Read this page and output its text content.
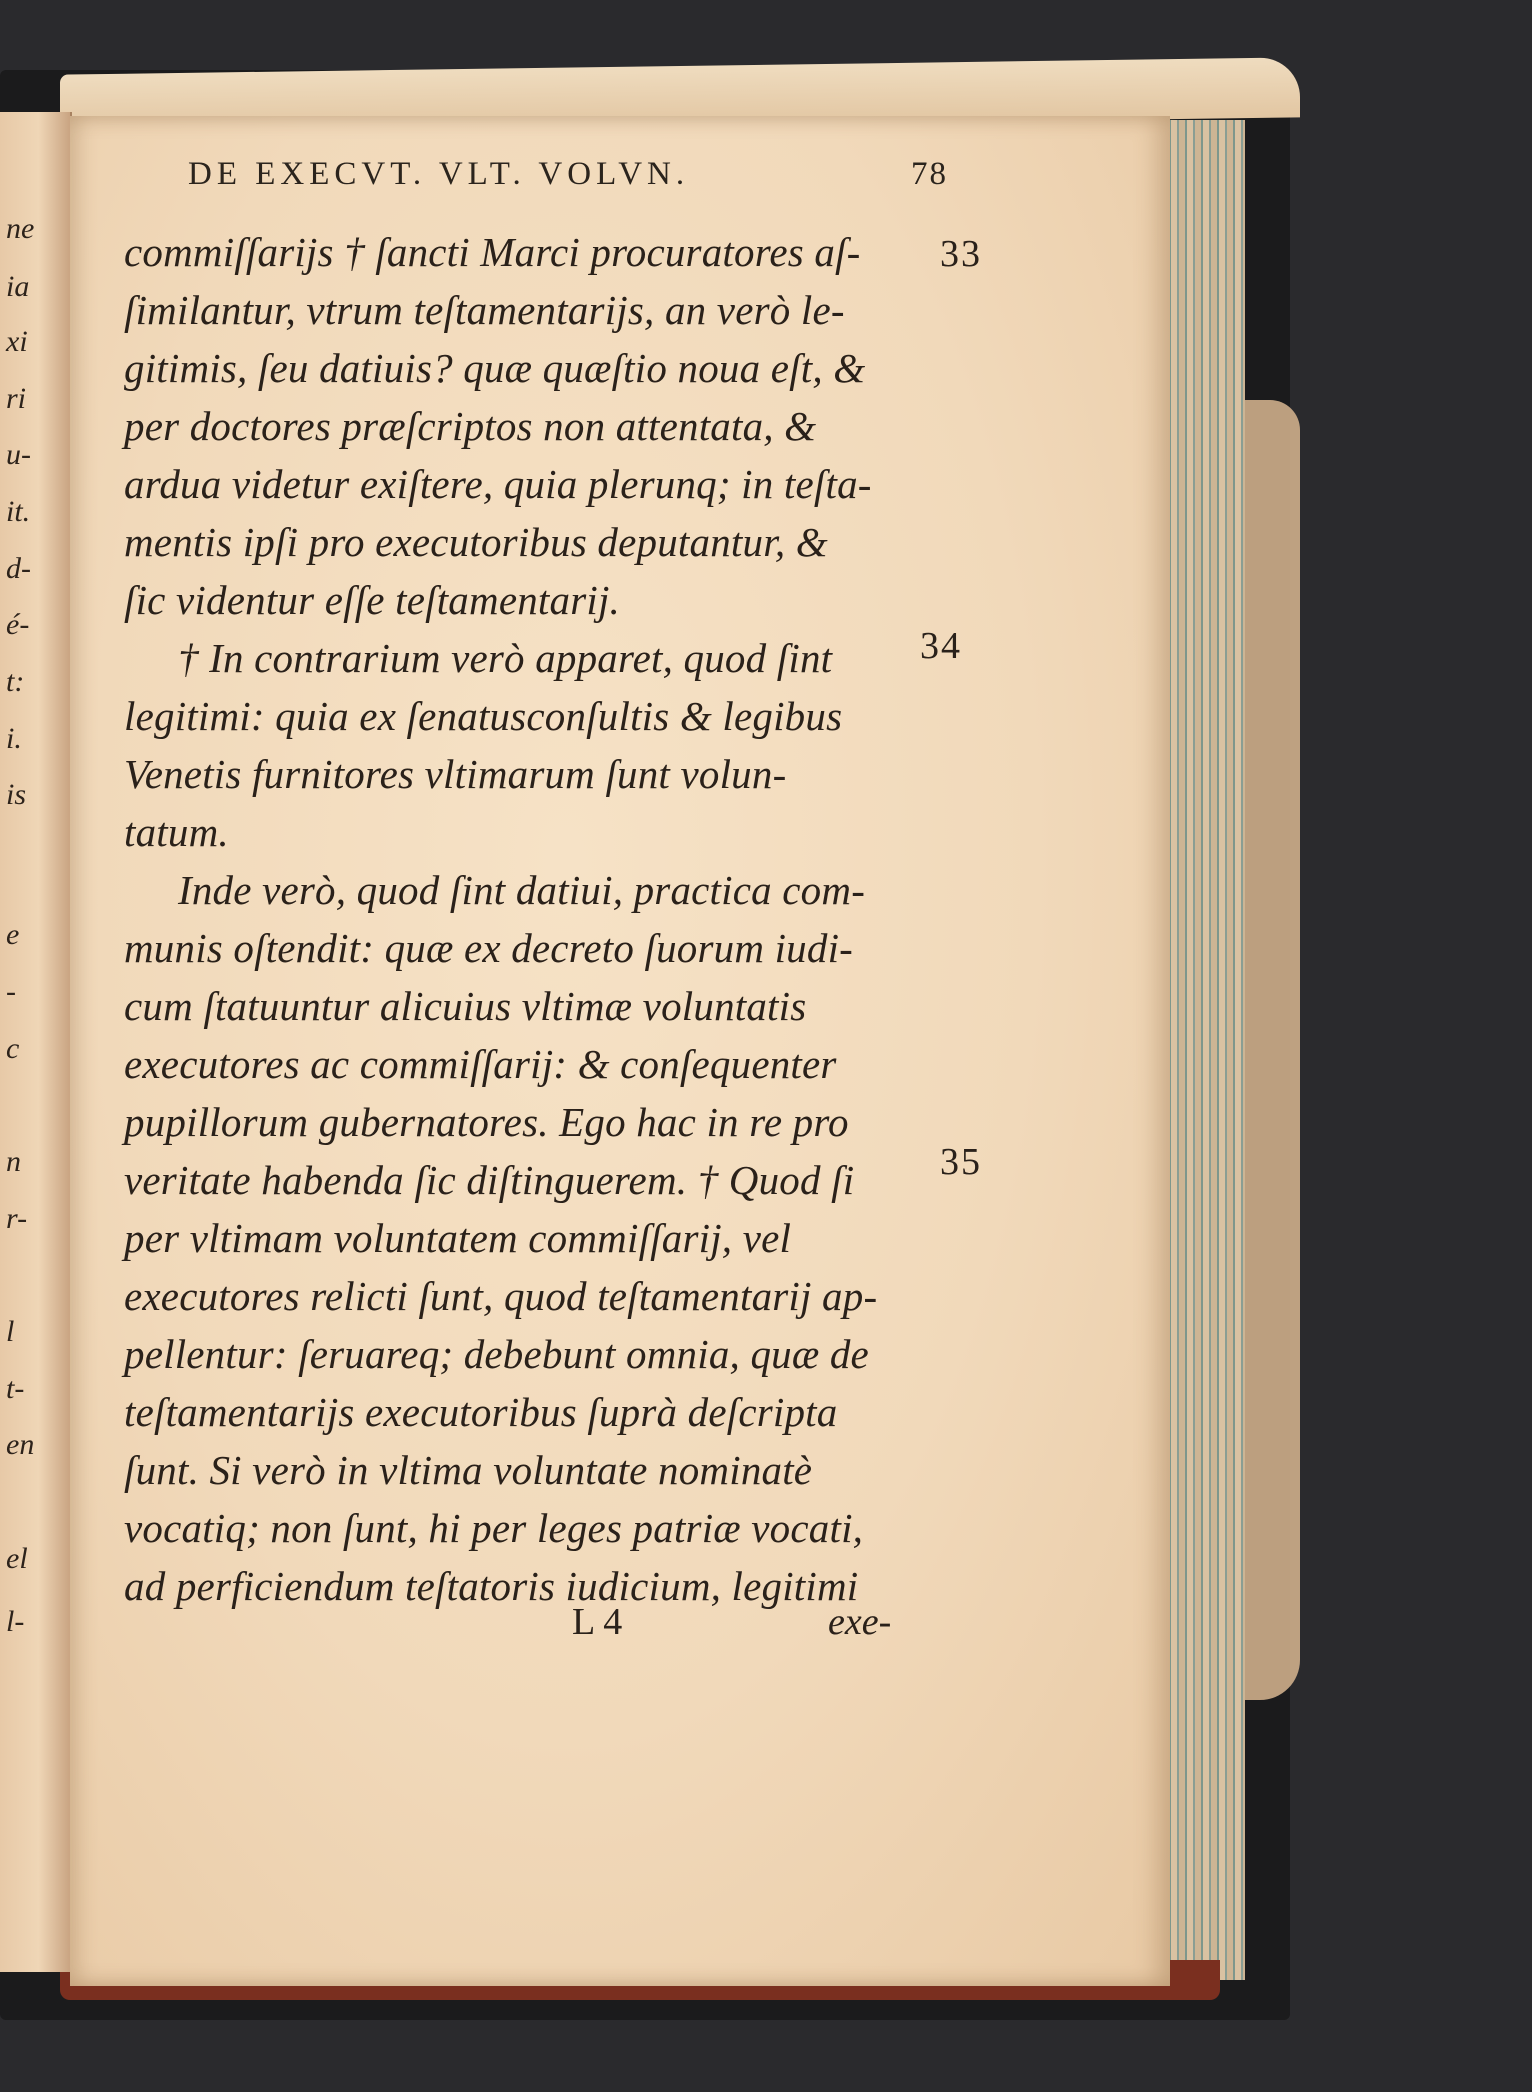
ne
ia
xi
ri
u-
it.
d-
é-
t:
i.
is
e
-
c
n
r-
l
t-
en
el
l-
DE EXECVT. VLT. VOLVN.	78
commiſſarijs † ſancti Marci procuratores aſ-
ſimilantur, vtrum teſtamentarijs, an verò le-
gitimis, ſeu datiuis? quæ quæſtio noua eſt, &
per doctores præſcriptos non attentata, &
ardua videtur exiſtere, quia plerunq; in teſta-
mentis ipſi pro executoribus deputantur, &
ſic videntur eſſe teſtamentarij.
† In contrarium verò apparet, quod ſint
legitimi: quia ex ſenatusconſultis & legibus
Venetis furnitores vltimarum ſunt volun-
tatum.
Inde verò, quod ſint datiui, practica com-
munis oſtendit: quæ ex decreto ſuorum iudi-
cum ſtatuuntur alicuius vltimæ voluntatis
executores ac commiſſarij: & conſequenter
pupillorum gubernatores. Ego hac in re pro
veritate habenda ſic diſtinguerem. † Quod ſi
per vltimam voluntatem commiſſarij, vel
executores relicti ſunt, quod teſtamentarij ap-
pellentur: ſeruareq; debebunt omnia, quæ de
teſtamentarijs executoribus ſuprà deſcripta
ſunt. Si verò in vltima voluntate nominatè
vocatiq; non ſunt, hi per leges patriæ vocati,
ad perficiendum teſtatoris iudicium, legitimi
33
34
35
L 4	exe-
